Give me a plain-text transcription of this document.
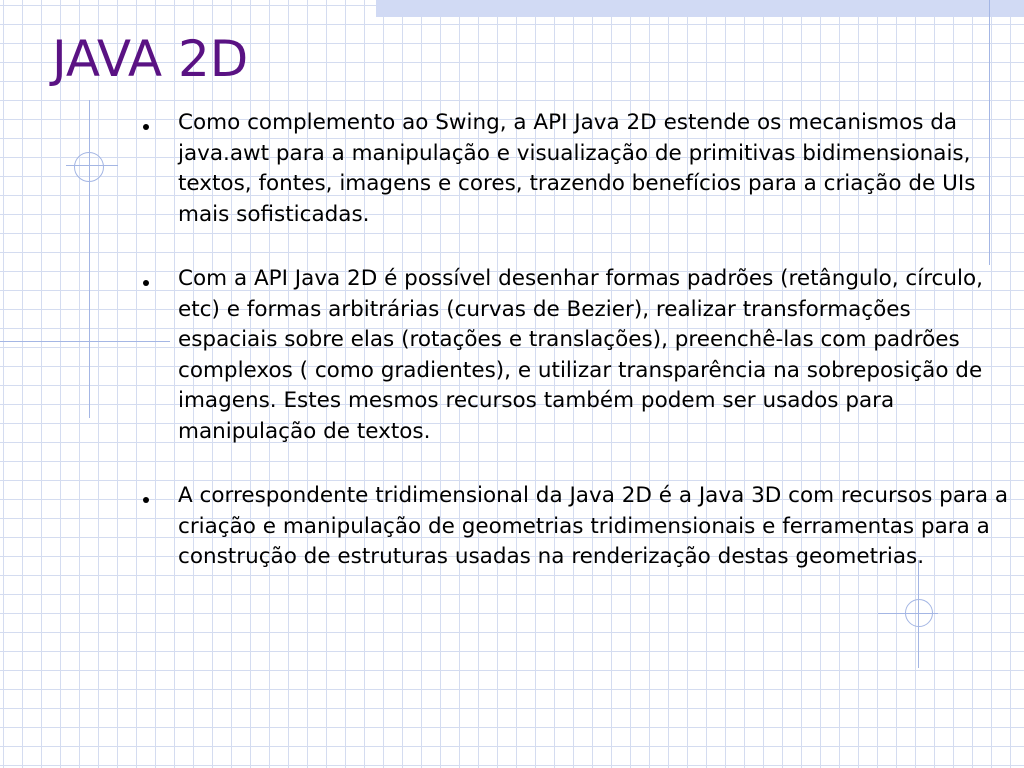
JAVA 2D
Como complemento ao Swing, a API Java 2D estende os mecanismos da java.awt para a manipulação e visualização de primitivas bidimensionais, textos, fontes, imagens e cores, trazendo benefícios para a criação de UIs mais sofisticadas.
Com a API Java 2D é possível desenhar formas padrões (retângulo, círculo, etc) e formas arbitrárias (curvas de Bezier), realizar transformações espaciais sobre elas (rotações e translações), preenchê-las com padrões complexos ( como gradientes), e utilizar transparência na sobreposição de imagens. Estes mesmos recursos também podem ser usados para manipulação de textos.
A correspondente tridimensional da Java 2D é a Java 3D com recursos para a criação e manipulação de geometrias tridimensionais e ferramentas para a construção de estruturas usadas na renderização destas geometrias.
